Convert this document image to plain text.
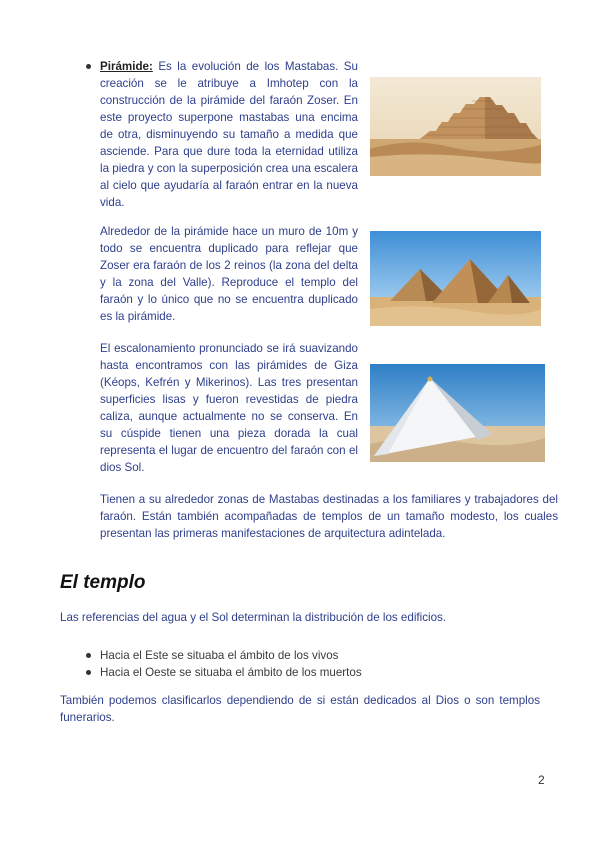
Pirámide: Es la evolución de los Mastabas. Su creación se le atribuye a Imhotep con la construcción de la pirámide del faraón Zoser. En este proyecto superpone mastabas una encima de otra, disminuyendo su tamaño a medida que asciende. Para que dure toda la eternidad utiliza la piedra y con la superposición crea una escalera al cielo que ayudaría al faraón entrar en la nueva vida.
Alrededor de la pirámide hace un muro de 10m y todo se encuentra duplicado para reflejar que Zoser era faraón de los 2 reinos (la zona del delta y la zona del Valle). Reproduce el templo del faraón y lo único que no se encuentra duplicado es la pirámide.
El escalonamiento pronunciado se irá suavizando hasta encontramos con las pirámides de Giza (Kéops, Kefrén y Mikerinos). Las tres presentan superficies lisas y fueron revestidas de piedra caliza, aunque actualmente no se conserva. En su cúspide tienen una pieza dorada la cual representa el lugar de encuentro del faraón con el dios Sol.
Tienen a su alrededor zonas de Mastabas destinadas a los familiares y trabajadores del faraón. Están también acompañadas de templos de un tamaño modesto, los cuales presentan las primeras manifestaciones de arquitectura adintelada.
El templo
Las referencias del agua y el Sol determinan la distribución de los edificios.
Hacia el Este se situaba el ámbito de los vivos
Hacia el Oeste se situaba el ámbito de los muertos
También podemos clasificarlos dependiendo de si están dedicados al Dios o son templos funerarios.
2
